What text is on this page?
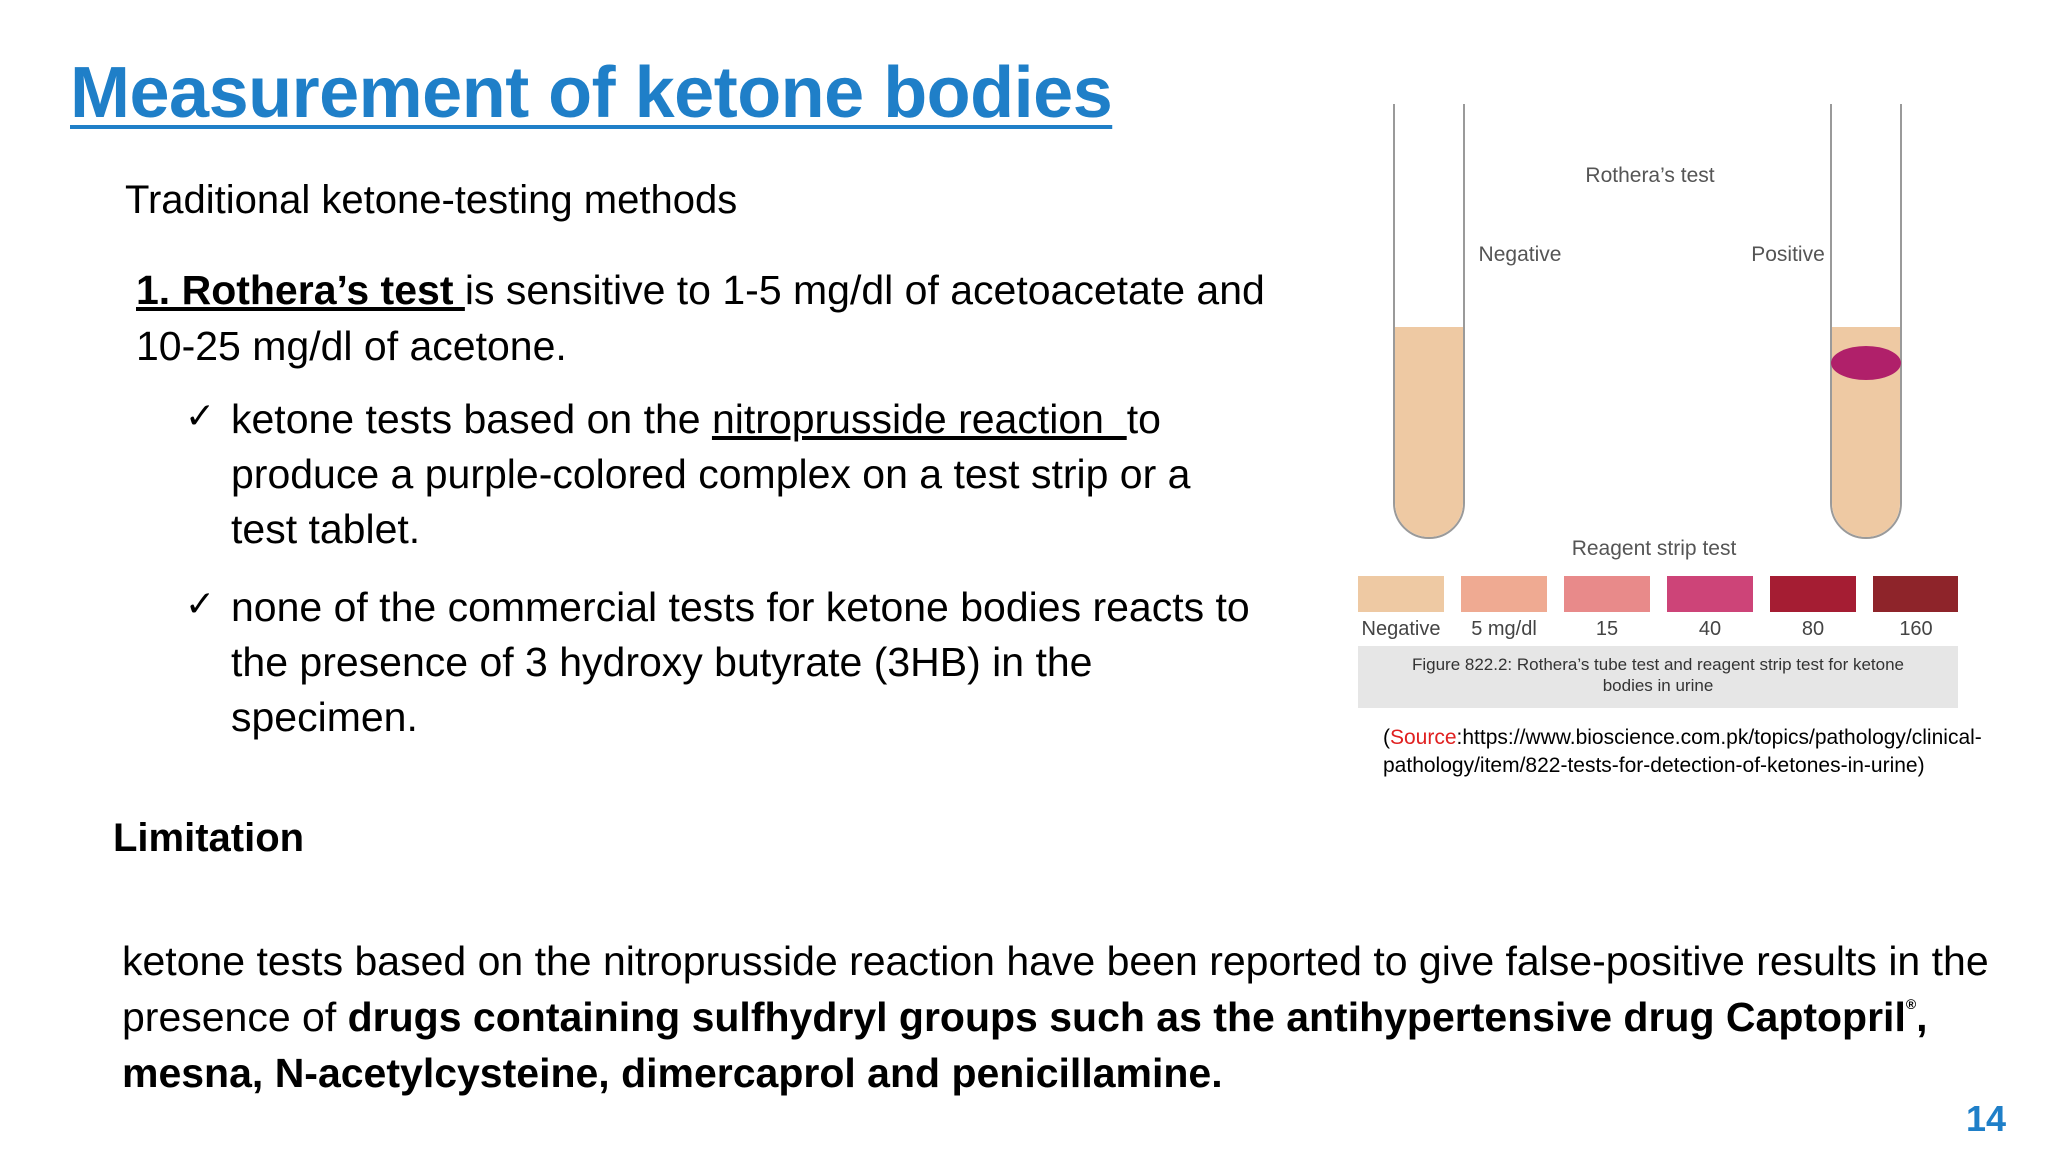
Measurement of ketone bodies
Traditional ketone-testing methods
1. Rothera’s test is sensitive to 1-5 mg/dl of acetoacetate and
10-25 mg/dl of acetone.
✓ ketone tests based on the nitroprusside reaction  to produce a purple-colored complex on a test strip or a test tablet.
✓ none of the commercial tests for ketone bodies reacts to the presence of 3 hydroxy butyrate (3HB) in the specimen.
Limitation
ketone tests based on the nitroprusside reaction have been reported to give false-positive results in the presence of drugs containing sulfhydryl groups such as the antihypertensive drug Captopril®, mesna, N-acetylcysteine, dimercaprol and penicillamine.
Rothera’s test
Negative	Positive
Reagent strip test
Negative 5 mg/dl	15	40	80	160
Figure 822.2: Rothera’s tube test and reagent strip test for ketone
bodies in urine
(Source:https://www.bioscience.com.pk/topics/pathology/clinical-pathology/item/822-tests-for-detection-of-ketones-in-urine)
14
